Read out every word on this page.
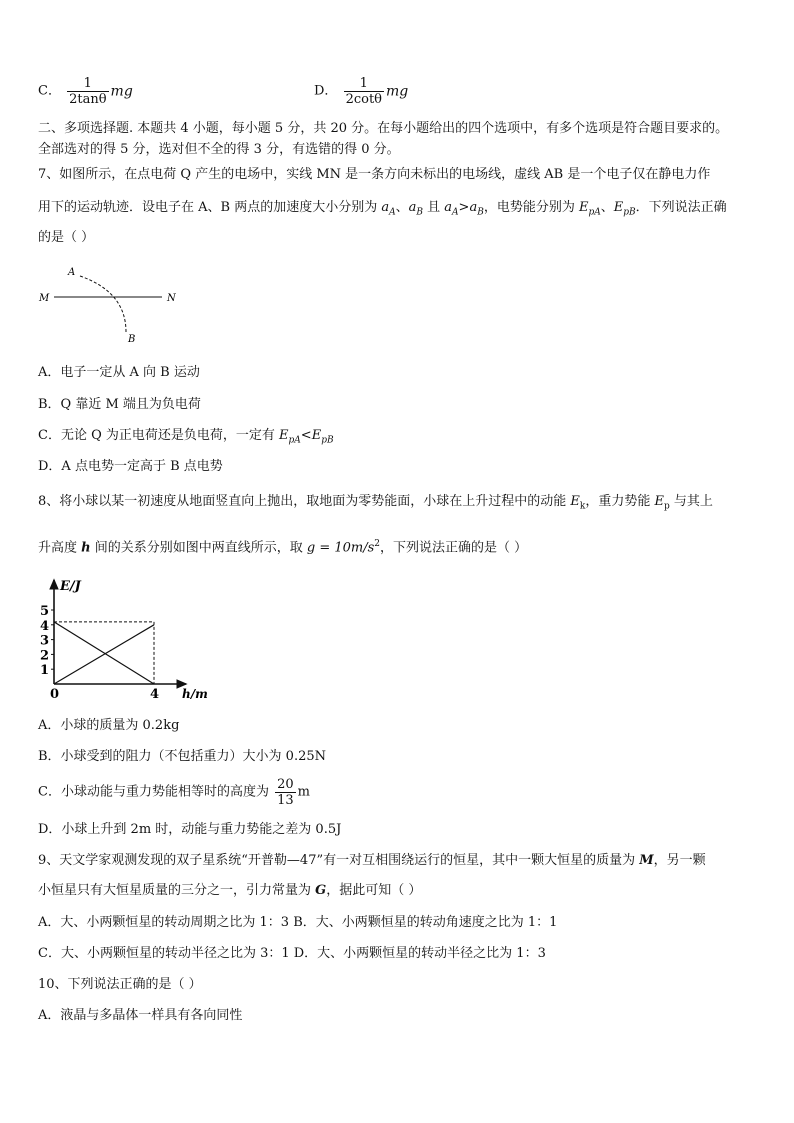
C． $\frac{1}{2\tan\theta}$ mg	D． $\frac{1}{2\cot\theta}$ mg
二、多项选择题. 本题共 4 小题，每小题 5 分，共 20 分。在每小题给出的四个选项中，有多个选项是符合题目要求的。
全部选对的得 5 分，选对但不全的得 3 分，有选错的得 0 分。
7、如图所示，在点电荷 Q 产生的电场中，实线 MN 是一条方向未标出的电场线，虚线 AB 是一个电子仅在静电力作
用下的运动轨迹．设电子在 A、B 两点的加速度大小分别为 $a_A$、$a_B$ 且 $a_A>a_B$，电势能分别为 $E_{pA}$、$E_{pB}$．下列说法正确
的是（ ）
A
M	N
B
A．电子一定从 A 向 B 运动
B．Q 靠近 M 端且为负电荷
C．无论 Q 为正电荷还是负电荷，一定有 $E_{pA}<E_{pB}$
D．A 点电势一定高于 B 点电势
8、将小球以某一初速度从地面竖直向上抛出，取地面为零势能面，小球在上升过程中的动能 $E_k$，重力势能 $E_p$ 与其上
升高度 h 间的关系分别如图中两直线所示，取 $g = 10m/s^2$，下列说法正确的是（ ）
E/J
h/m
5
4
3
2
1
0	4
A．小球的质量为 0.2kg
B．小球受到的阻力（不包括重力）大小为 0.25N
C．小球动能与重力势能相等时的高度为 $\frac{20}{13}$ m
D．小球上升到 2m 时，动能与重力势能之差为 0.5J
9、天文学家观测发现的双子星系统“开普勒—47”有一对互相围绕运行的恒星，其中一颗大恒星的质量为 M，另一颗
小恒星只有大恒星质量的三分之一，引力常量为 G，据此可知（ ）
A．大、小两颗恒星的转动周期之比为 1：3 B．大、小两颗恒星的转动角速度之比为 1：1
C．大、小两颗恒星的转动半径之比为 3：1 D．大、小两颗恒星的转动半径之比为 1：3
10、下列说法正确的是（ ）
A．液晶与多晶体一样具有各向同性
